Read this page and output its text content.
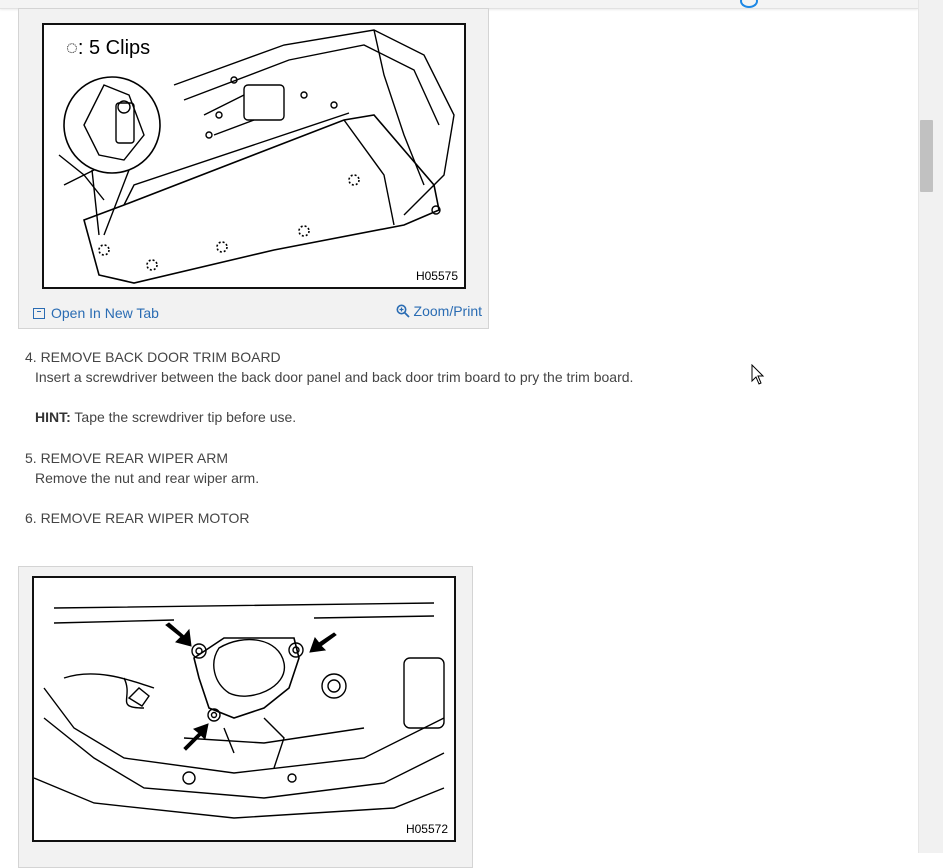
◌: 5 Clips
H05575
Open In New Tab	Zoom/Print

4. REMOVE BACK DOOR TRIM BOARD

Insert a screwdriver between the back door panel and back door trim board to pry the trim board.

HINT: Tape the screwdriver tip before use.

5. REMOVE REAR WIPER ARM

Remove the nut and rear wiper arm.

6. REMOVE REAR WIPER MOTOR

H05572
